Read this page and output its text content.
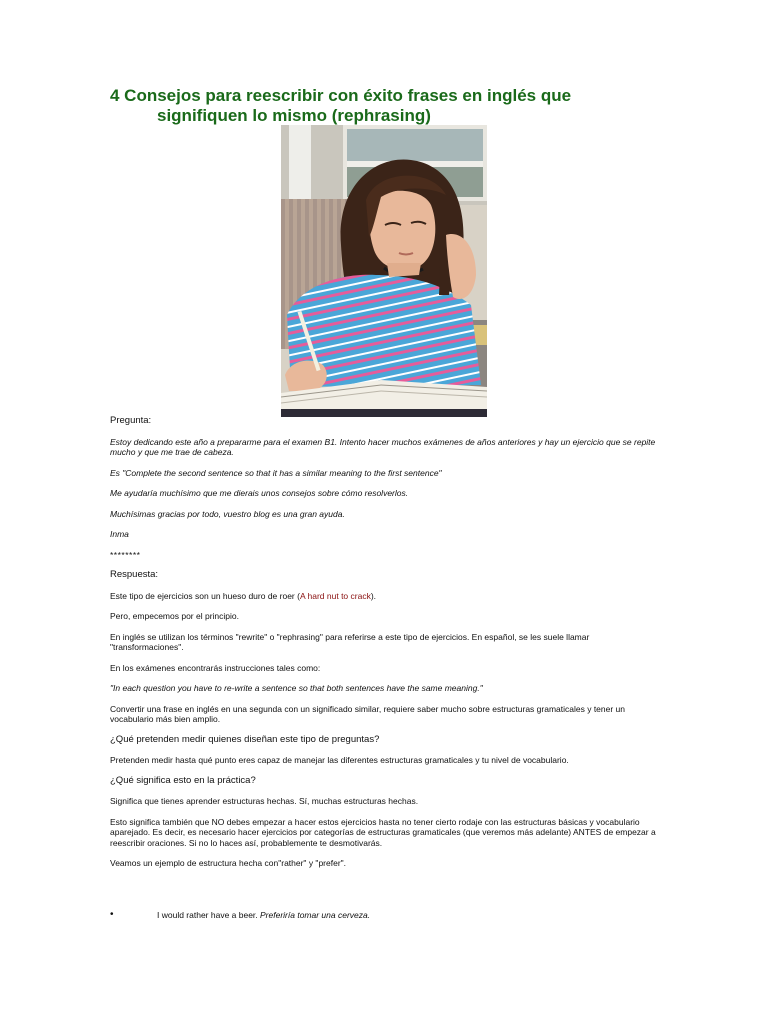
4 Consejos para reescribir con éxito frases en inglés que
signifiquen lo mismo (rephrasing)

Pregunta:

Estoy dedicando este año a prepararme para el examen B1. Intento hacer muchos exámenes de años anteriores y hay un ejercicio que se repite mucho y que me trae de cabeza.

Es "Complete the second sentence so that it has a similar meaning to the first sentence"

Me ayudaría muchísimo que me dierais unos consejos sobre cómo resolverlos.

Muchísimas gracias por todo, vuestro blog es una gran ayuda.

Inma

********

Respuesta:

Este tipo de ejercicios son un hueso duro de roer (A hard nut to crack).

Pero, empecemos por el principio.

En inglés se utilizan los términos "rewrite" o "rephrasing" para referirse a este tipo de ejercicios. En español, se les suele llamar "transformaciones".

En los exámenes encontrarás instrucciones tales como:

"In each question you have to re-write a sentence so that both sentences have the same meaning."

Convertir una frase en inglés en una segunda con un significado similar, requiere saber mucho sobre estructuras gramaticales y tener un vocabulario más bien amplio.

¿Qué pretenden medir quienes diseñan este tipo de preguntas?

Pretenden medir hasta qué punto eres capaz de manejar las diferentes estructuras gramaticales y tu nivel de vocabulario.

¿Qué significa esto en la práctica?

Significa que tienes aprender estructuras hechas. Sí, muchas estructuras hechas.

Esto significa también que NO debes empezar a hacer estos ejercicios hasta no tener cierto rodaje con las estructuras básicas y vocabulario aparejado. Es decir, es necesario hacer ejercicios por categorías de estructuras gramaticales (que veremos más adelante) ANTES de empezar a reescribir oraciones. Si no lo haces así, probablemente te desmotivarás.

Veamos un ejemplo de estructura hecha con"rather" y "prefer".

•	I would rather have a beer. Preferiría tomar una cerveza.
